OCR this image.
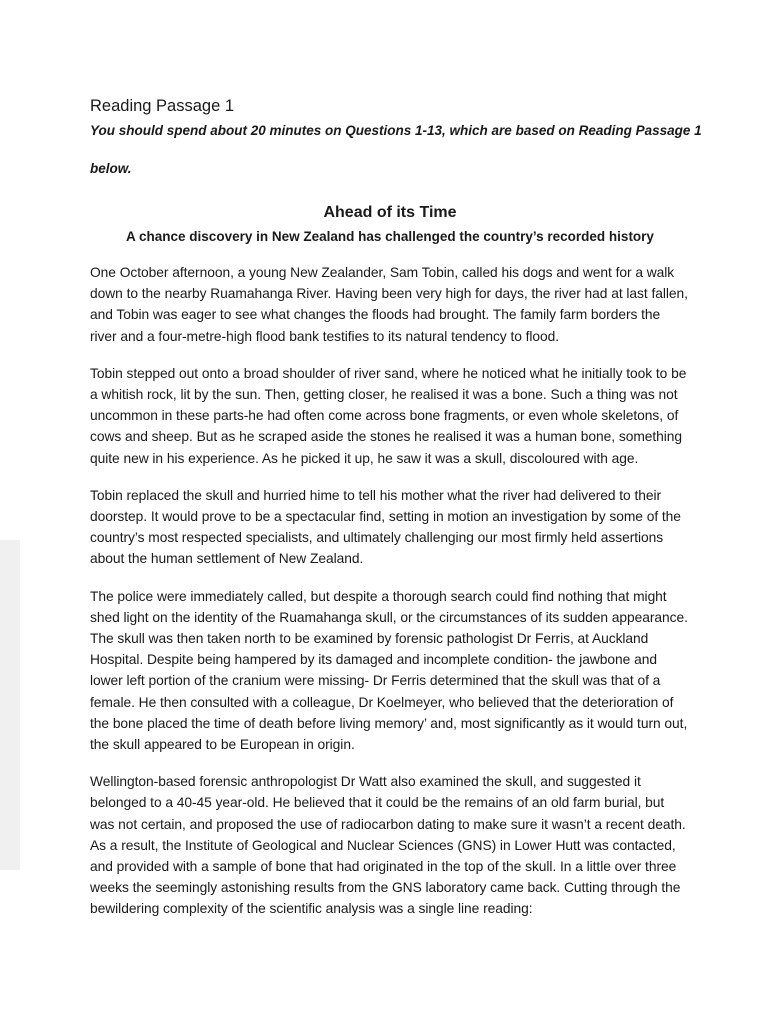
Reading Passage 1

You should spend about 20 minutes on Questions 1-13, which are based on Reading Passage 1

below.

Ahead of its Time

A chance discovery in New Zealand has challenged the country’s recorded history

One October afternoon, a young New Zealander, Sam Tobin, called his dogs and went for a walk down to the nearby Ruamahanga River. Having been very high for days, the river had at last fallen, and Tobin was eager to see what changes the floods had brought. The family farm borders the river and a four-metre-high flood bank testifies to its natural tendency to flood.

Tobin stepped out onto a broad shoulder of river sand, where he noticed what he initially took to be a whitish rock, lit by the sun. Then, getting closer, he realised it was a bone. Such a thing was not uncommon in these parts-he had often come across bone fragments, or even whole skeletons, of cows and sheep. But as he scraped aside the stones he realised it was a human bone, something quite new in his experience. As he picked it up, he saw it was a skull, discoloured with age.

Tobin replaced the skull and hurried hime to tell his mother what the river had delivered to their doorstep. It would prove to be a spectacular find, setting in motion an investigation by some of the country’s most respected specialists, and ultimately challenging our most firmly held assertions about the human settlement of New Zealand.

The police were immediately called, but despite a thorough search could find nothing that might shed light on the identity of the Ruamahanga skull, or the circumstances of its sudden appearance. The skull was then taken north to be examined by forensic pathologist Dr Ferris, at Auckland Hospital. Despite being hampered by its damaged and incomplete condition- the jawbone and lower left portion of the cranium were missing- Dr Ferris determined that the skull was that of a female. He then consulted with a colleague, Dr Koelmeyer, who believed that the deterioration of the bone placed the time of death before living memory’ and, most significantly as it would turn out, the skull appeared to be European in origin.

Wellington-based forensic anthropologist Dr Watt also examined the skull, and suggested it belonged to a 40-45 year-old. He believed that it could be the remains of an old farm burial, but was not certain, and proposed the use of radiocarbon dating to make sure it wasn’t a recent death. As a result, the Institute of Geological and Nuclear Sciences (GNS) in Lower Hutt was contacted, and provided with a sample of bone that had originated in the top of the skull. In a little over three weeks the seemingly astonishing results from the GNS laboratory came back. Cutting through the bewildering complexity of the scientific analysis was a single line reading:
